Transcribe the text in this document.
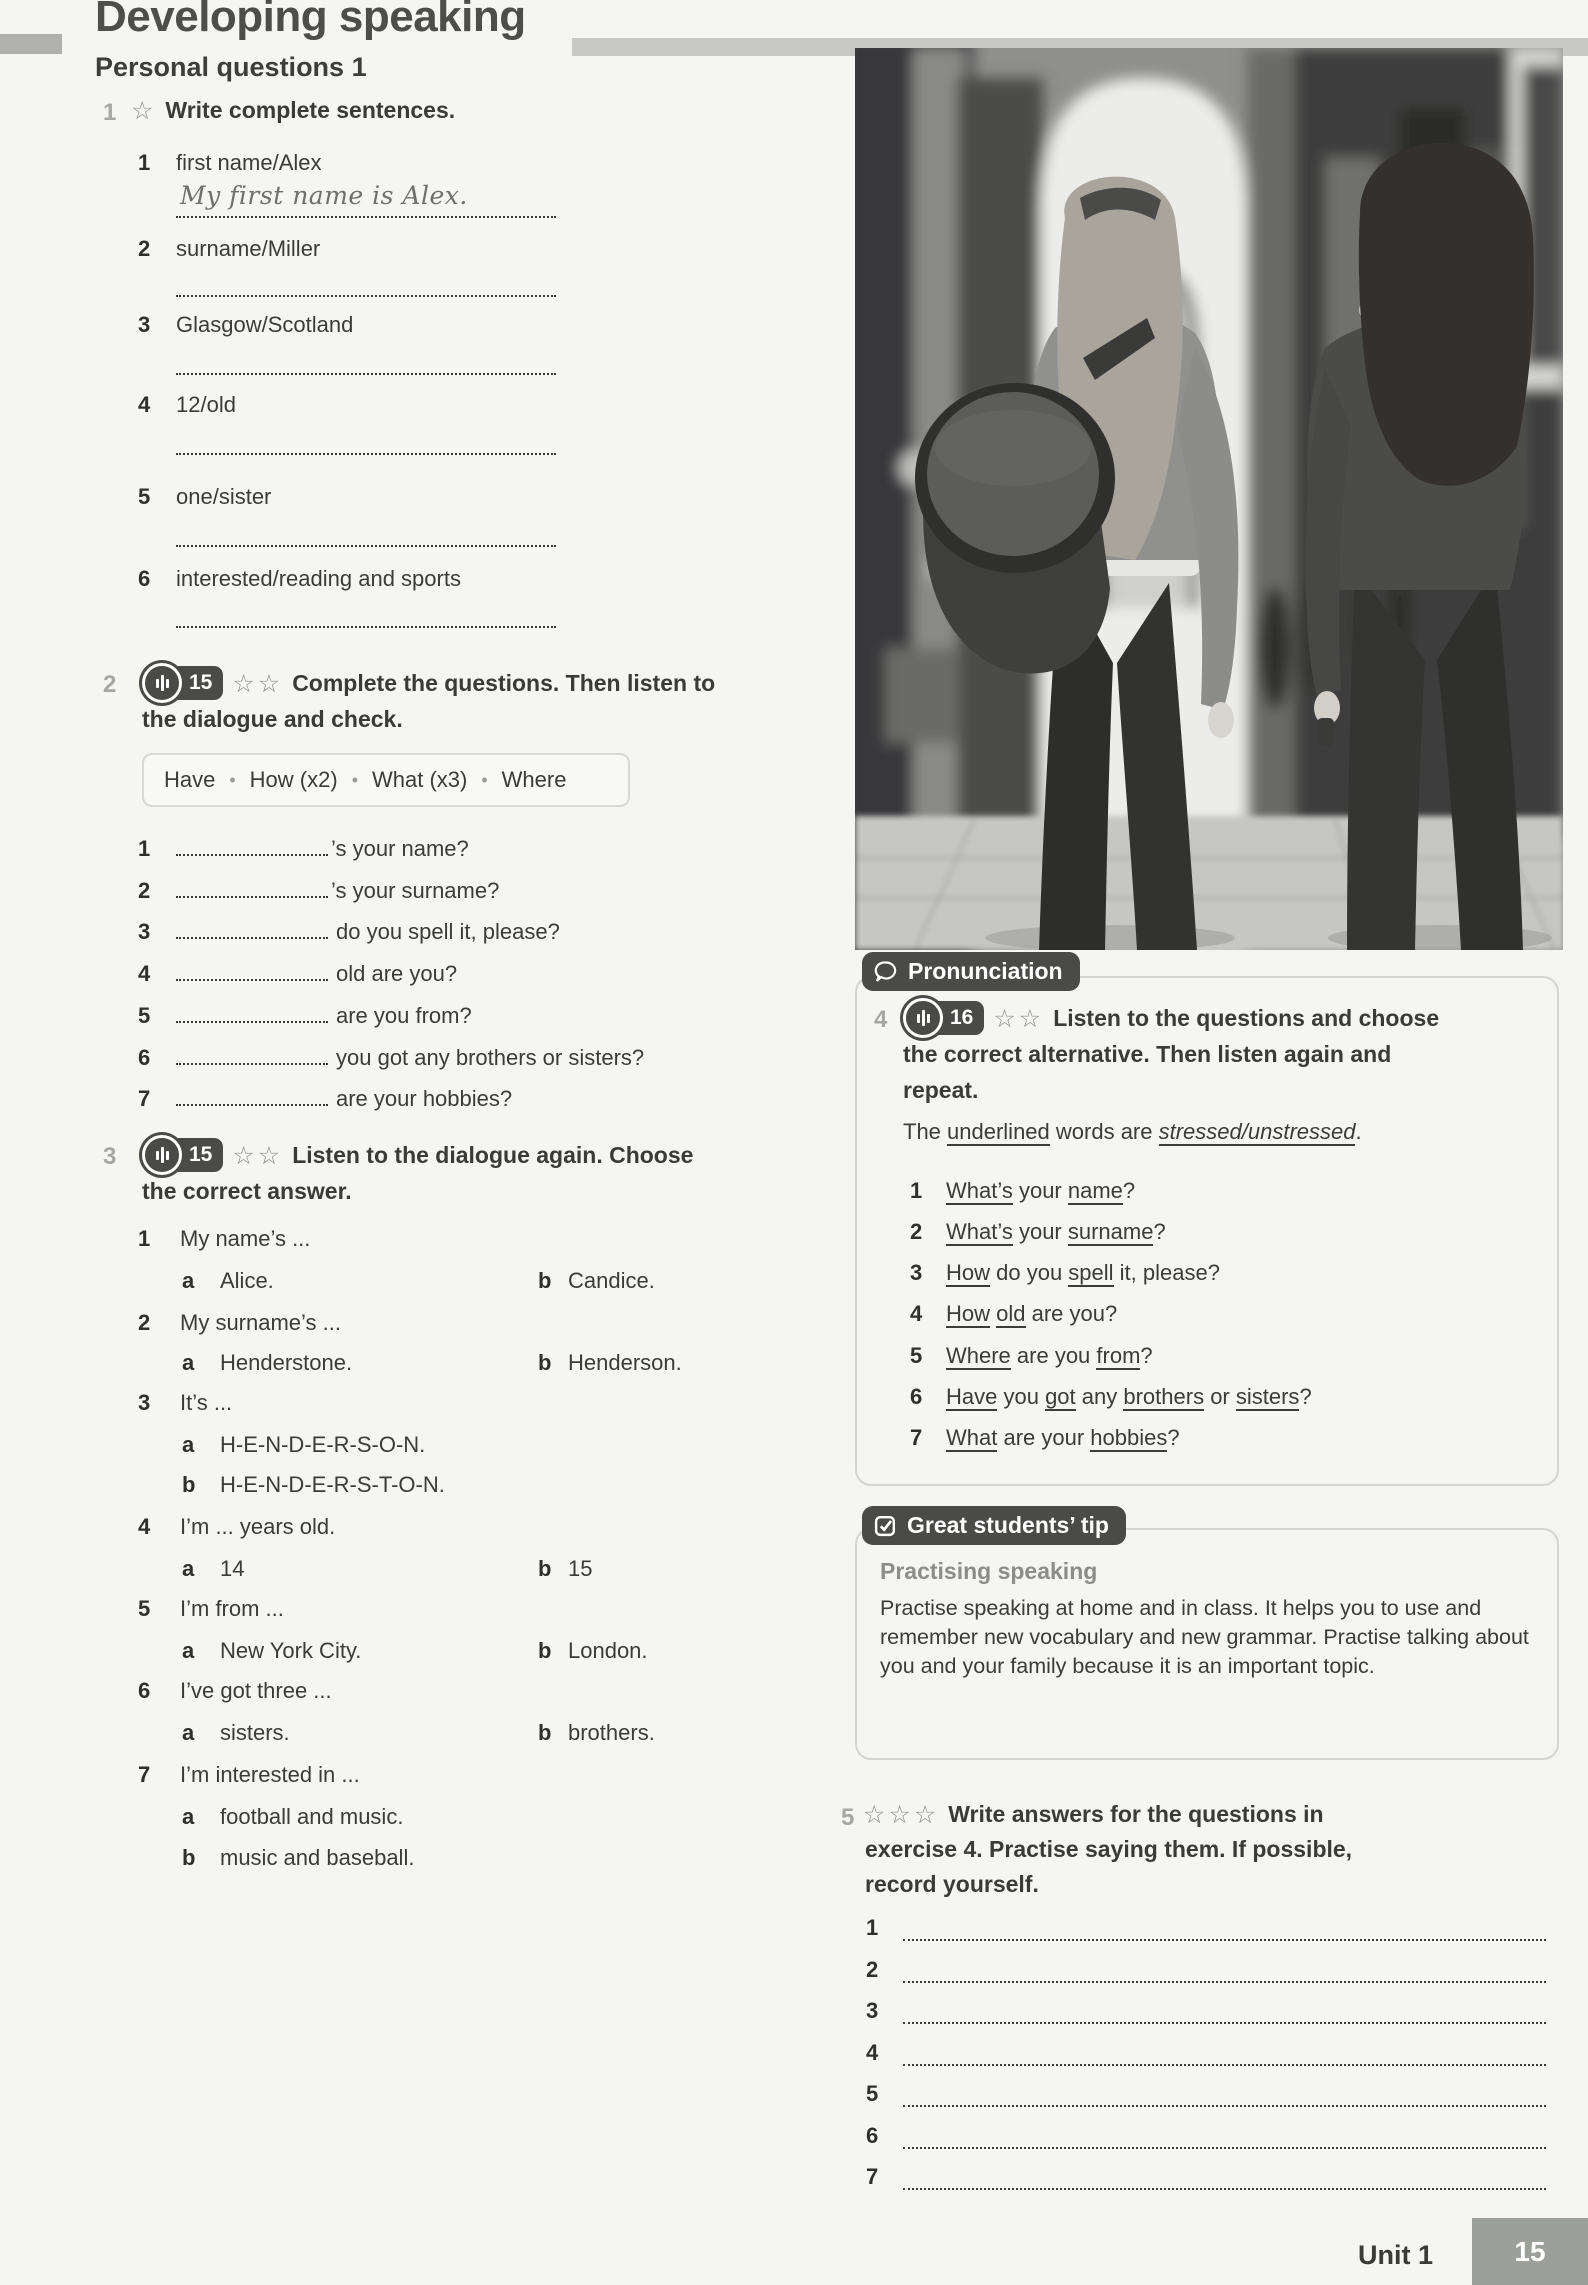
Developing speaking
Personal questions 1
1 ☆ Write complete sentences.
1 first name/Alex
My first name is Alex.
2 surname/Miller
3 Glasgow/Scotland
4 12/old
5 one/sister
6 interested/reading and sports
2	15 ☆☆ Complete the questions. Then listen to
the dialogue and check.
Have • How (x2) • What (x3) • Where
1	’s your name?
2	’s your surname?
3	do you spell it, please?
4	old are you?
5	are you from?
6	you got any brothers or sisters?
7	are your hobbies?
3	15 ☆☆ Listen to the dialogue again. Choose
the correct answer.
1	My name’s ...
a	Alice.	b Candice.
2	My surname’s ...
a	Henderstone.	b Henderson.
3	It’s ...
a	H-E-N-D-E-R-S-O-N.
b	H-E-N-D-E-R-S-T-O-N.
4	I’m ... years old.
a	14	b 15
5	I’m from ...
a	New York City.	b London.
6	I’ve got three ...
a	sisters.	b brothers.
7	I’m interested in ...
a	football and music.
b	music and baseball.
Pronunciation
4	16 ☆☆ Listen to the questions and choose
the correct alternative. Then listen again and
repeat.
The underlined words are stressed/unstressed.
1	What’s your name?
2	What’s your surname?
3	How do you spell it, please?
4	How old are you?
5	Where are you from?
6	Have you got any brothers or sisters?
7	What are your hobbies?
Great students’ tip
Practising speaking
Practise speaking at home and in class. It helps you to use and remember new vocabulary and new grammar. Practise talking about you and your family because it is an important topic.
5 ☆☆☆ Write answers for the questions in
exercise 4. Practise saying them. If possible,
record yourself.
1
2
3
4
5
6
7
Unit 1	15
